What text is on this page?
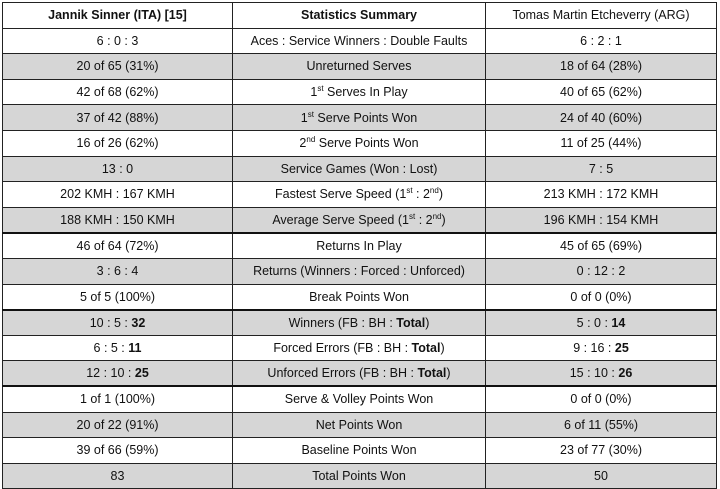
Jannik Sinner (ITA) [15]	Statistics Summary	Tomas Martin Etcheverry (ARG)
6 : 0 : 3	Aces : Service Winners : Double Faults	6 : 2 : 1
20 of 65 (31%)	Unreturned Serves	18 of 64 (28%)
42 of 68 (62%)	1st Serves In Play	40 of 65 (62%)
37 of 42 (88%)	1st Serve Points Won	24 of 40 (60%)
16 of 26 (62%)	2nd Serve Points Won	11 of 25 (44%)
13 : 0	Service Games (Won : Lost)	7 : 5
202 KMH : 167 KMH	Fastest Serve Speed (1st : 2nd)	213 KMH : 172 KMH
188 KMH : 150 KMH	Average Serve Speed (1st : 2nd)	196 KMH : 154 KMH
46 of 64 (72%)	Returns In Play	45 of 65 (69%)
3 : 6 : 4	Returns (Winners : Forced : Unforced)	0 : 12 : 2
5 of 5 (100%)	Break Points Won	0 of 0 (0%)
10 : 5 : 32	Winners (FB : BH : Total)	5 : 0 : 14
6 : 5 : 11	Forced Errors (FB : BH : Total)	9 : 16 : 25
12 : 10 : 25	Unforced Errors (FB : BH : Total)	15 : 10 : 26
1 of 1 (100%)	Serve & Volley Points Won	0 of 0 (0%)
20 of 22 (91%)	Net Points Won	6 of 11 (55%)
39 of 66 (59%)	Baseline Points Won	23 of 77 (30%)
83	Total Points Won	50
